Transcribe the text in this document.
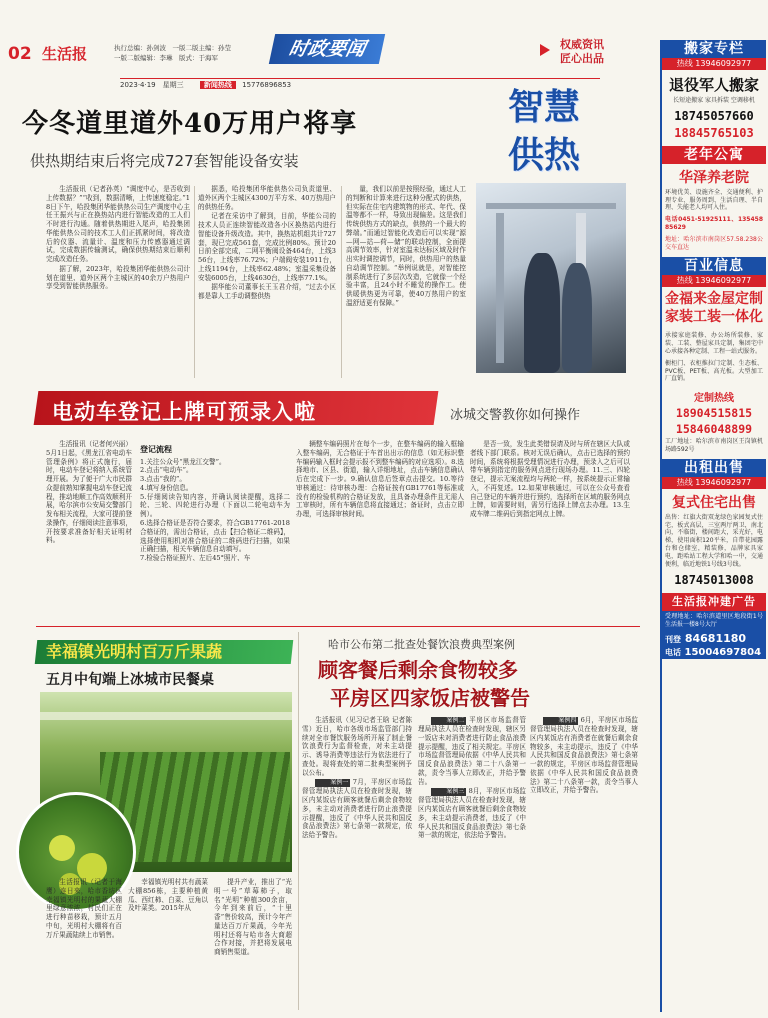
02 生活报	执行总编：孙剑波　一版二版主编：孙莹
一版二版编辑：李琳　版式：于海军	时政要闻	权威资讯
匠心出品
2023·4·19　星期三	新闻热线 15776896853
今冬道里道外40万用户将享	智慧供热
供热期结束后将完成727套智能设备安装

生活报讯（记者孙英）“调度中心，是否收到上传数据？”“收到，数据清晰，上传速度稳定。”18日下午，哈投集团华能供热公司生产调度中心主任王振兴与正在换热站内进行智能改造的工人们不时进行沟通。随着供热期进入尾声，哈投集团华能供热公司的技术工人们正抓紧时间，将改造后的仪器、流量计、温度和压力传感器通过调试，完成数据传输测试，确保供热期结束后顺利完成改造任务。

据了解，2023年，哈投集团华能供热公司计划在道里、道外区两个主城区的40余万户热用户享受到智能供热服务。

据悉，哈投集团华能供热公司负责道里、道外区两个主城区4300万平方米、40万热用户的供热任务。

记者在采访中了解到，目前，华能公司的技术人员正连续智能改造各小区换热站内进行智能设备升级改造。其中，换热站机组共计727套，现已完成561套，完成比例80%。预计20日前全部完成，二网平衡阀设备464台，上线356台，上线率76.72%；户端阀安装1911台，上线1194台，上线率62.48%；室温采集设备安装6005台，上线4630台，上线率77.1%。

据华能公司董事长王玉君介绍，“过去小区都是靠人工手动调整供热

量，我们以前是按照经验，通过人工的判断和计算来进行这种分配式的供热，但实际在住宅内建筑物的形式、年代、保温等都不一样，导致出现偏差。这是我们传统供热方式的缺点，供热的一个最大的弊端。”而通过智能化改造后可以实现“源—网—站—荷—储”的联动控制，全面提高调节效率，针对室温未达标区域及时作出实时调控调节，同时，供热用户的热量自动调节控制。“举例说就是，对智能控制系统进行了多层次改造，它就像一个经验丰富，且24小时不睡觉的操作工。使供暖供热更为可靠，使40万热用户的室温舒适更有保障。”

电动车登记上牌可预录入啦	冰城交警教你如何操作

生活报讯（记者何兴丽）5月1日起，《黑龙江省电动车管理条例》将正式施行，届时，电动车登记将纳入系统管理开展。为了便于广大市民群众提前熟知掌握电动车登记流程，推动地顺工作高效顺利开展，哈尔滨市公安局交警部门发布相关流程，大家可提前登录操作，仔细阅读注意事项，开按要求准备好相关证明材料。

登记流程
1.关注公众号“黑龙江交警”。
2.点击“电动车”。
3.点击“我的”。
4.填写身份信息。
5.仔细阅读告知内容，并确认阅读提醒，选择二轮、三轮、四轮进行办理（下面以二轮电动车为例）。
6.选择合格证是否符合要求，符合GB17761-2018合格证的，需出合格证，点击【扫合格证二维码】，选择使用相机对准合格证的二维码进行扫描，如果正确扫描，相关车辆信息自动填写。
7.检验合格证照片、左后45°照片、车

辆整车编码照片在每个一步，在整车编码的输入框输入整车编码，无合格证于车首出出示的信息（如无标识整车编码输入框时会提示报不到整车编码的对应选项）。8.选择地市、区县、街道，输入详细地址，点击车辆信息确认后在完成下一步。9.确认信息后签章点击提交。10.等待审核通过：待审核办理：合格证按有GB17761等标准或没有的检验机构的合格证发放，且具备办理条件且无需人工审核时，所有车辆信息将直接通过；备证时，点击立即办理，可选择审核时间。

是否一致，发生此类错误请及时与所在辖区大队或者线下部门联系。核对无误后确认，点击已选择的预约时间，系统将根据受理情况进行办理，预录入之后可以带车辆到指定的服务网点进行现场办理。11.三、四轮登记，提示无案流程均与两轮一样，按系统提示正常输入，不再复述。12.如果审核通过，可以在公众号查看自己登记的车辆并进行预约，选择所在区域的服务网点上牌，如需要时则，需另行选择上牌点去办理。13.生成车牌二维码后到指定网点上牌。

幸福镇光明村百万斤果蔬
五月中旬端上冰城市民餐桌

生活报讯（记者于海鹰）连日来，哈市香坊区幸福镇光明村的果蔬大棚里绿意浓浓，村民们正在进行种苗移栽，预计五月中旬，光明村大棚将有百万斤果蔬陆续上市销售。

幸福镇光明村共有蔬菜大棚856栋，主要种植黄瓜、西红柿、白菜、豆角以及叶菜类。2015年从

提升产业，推出了“光明一号”草莓柿子，取名“光明”种植300余亩，今年到来前后，“十里香”售价较高，预计今年产量达百万斤果蔬，今年光明村还将与哈市各大商超合作对接，并把将发展电商销售渠道。

哈市公布第二批查处餐饮浪费典型案例
顾客餐后剩余食物较多
平房区四家饭店被警告

生活报讯（见习记者王晗 记者陈雪）近日，哈市各级市场监管部门持续对全市餐饮服务场所开展了制止餐饮浪费行为监督检查，对未主动提示、诱导消费等违法行为依法进行了查处。现将查处的第二批典型案例予以公布。

案例一 7月，平房区市场监督管理局执法人员在检查时发现，辖区内某饭店有顾客就餐后剩余食物较多，未主动对消费者进行防止浪费提示提醒，违反了《中华人民共和国反食品浪费法》第七条第一款规定，依法给予警告。

案例二 平房区市场监督管理局执法人员在检查时发现，辖区另一饭店未对消费者进行防止食品浪费提示提醒，违反了相关规定。平房区市场监督管理局依据《中华人民共和国反食品浪费法》第二十八条第一款，责令当事人立即改正，并给予警告。

案例三 8月，平房区市场监督管理局执法人员在检查时发现，辖区内某饭店有顾客就餐后剩余食物较多，未主动提示消费者，违反了《中华人民共和国反食品浪费法》第七条第一款的规定，依法给予警告。

案例四 6月，平房区市场监督管理局执法人员在检查时发现，辖区内某饭店有消费者在就餐后剩余食物较多，未主动提示，违反了《中华人民共和国反食品浪费法》第七条第一款的规定，平房区市场监督管理局依据《中华人民共和国反食品浪费法》第二十八条第一款，责令当事人立即改正，并给予警告。

搬家专栏
热线 13946092977
退役军人搬家
长短途搬家 家具拆装 空调移机
18745057660
18845765103
老年公寓
华泽养老院
环境优美、设施齐全、交通便利、护理专业、服务周到、生活自理、半自理、失能老人均可入住。
电话0451-51925111、13545885629
地址：哈尔滨市南岗区57.58.238公交车直达
百业信息
热线 13946092977
金福来金屋定制家装工装一体化
承接家庭装修、办公场所装修、家装、工装、整屋家具定制，集团宅中心承接各种定制、工程一站式服务。
橱柜门、衣柜推拉门定制、生态板、PVC板、PET板、高光板。大型加工厂直销。
定制热线
18904515815
15846048899
工厂地址：哈尔滨市南岗区王岗镇机场路592号
出租出售
热线 13946092977
复式住宅出售
出售：红旗大街双龙绿色家园复式住宅，板式高层，三室两厅两卫，南北向，不临街，楼间距大，采光好，电梯，使用面积120平米，自带花园露台和仓储室，精装修，品牌家具家电，距哈站工程大学和哈一中，交通便利，临近地铁1号线3号线。
18745013008
生活报冲建广告
受理地址：哈尔滨道里区地段街1号生活报一楼8号大厅
刊登 84681180
电话 15004697804
